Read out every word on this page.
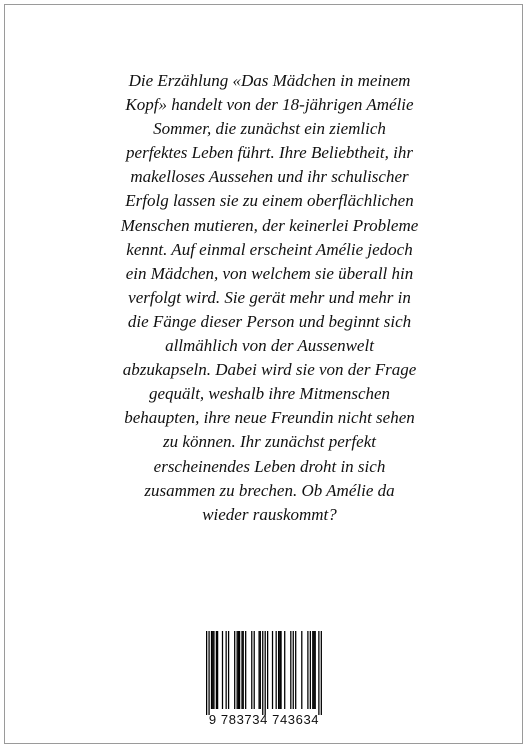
Die Erzählung «Das Mädchen in meinem
Kopf» handelt von der 18-jährigen Amélie
Sommer, die zunächst ein ziemlich
perfektes Leben führt. Ihre Beliebtheit, ihr
makelloses Aussehen und ihr schulischer
Erfolg lassen sie zu einem oberflächlichen
Menschen mutieren, der keinerlei Probleme
kennt. Auf einmal erscheint Amélie jedoch
ein Mädchen, von welchem sie überall hin
verfolgt wird. Sie gerät mehr und mehr in
die Fänge dieser Person und beginnt sich
allmählich von der Aussenwelt
abzukapseln. Dabei wird sie von der Frage
gequält, weshalb ihre Mitmenschen
behaupten, ihre neue Freundin nicht sehen
zu können. Ihr zunächst perfekt
erscheinendes Leben droht in sich
zusammen zu brechen. Ob Amélie da
wieder rauskommt?

9 783734 743634
